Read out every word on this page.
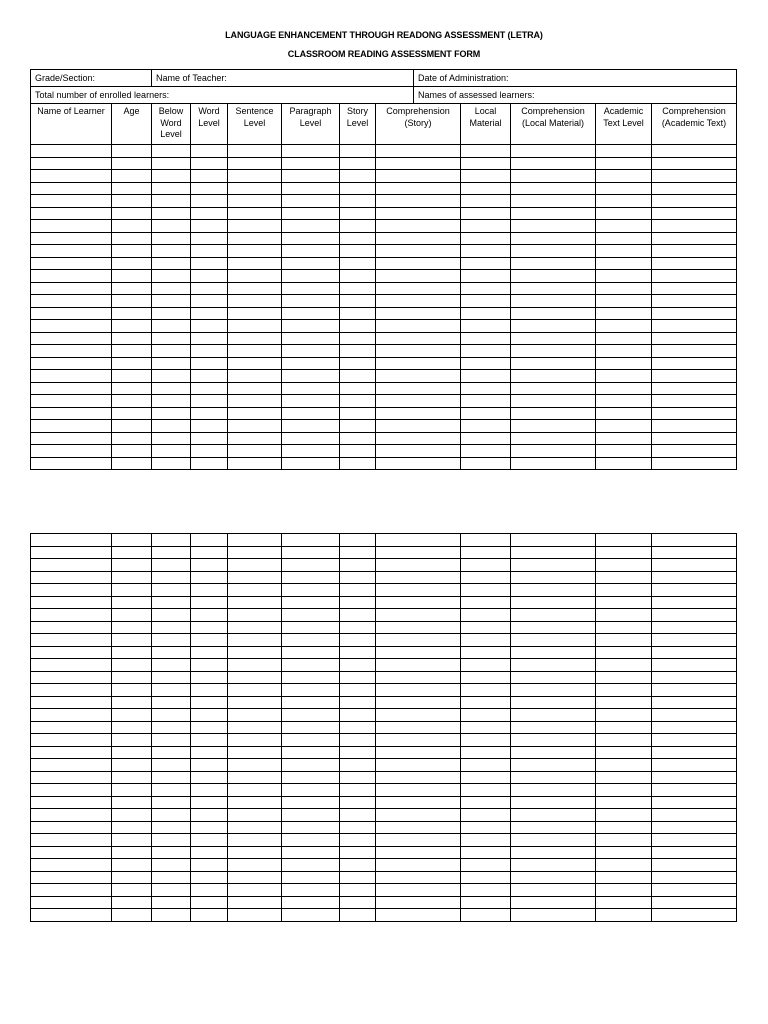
LANGUAGE ENHANCEMENT THROUGH READONG ASSESSMENT (LETRA)
CLASSROOM READING ASSESSMENT FORM
Grade/Section:	Name of Teacher:	Date of Administration:
Total number of enrolled learners:		Names of assessed learners:
Name of Learner	Age	Below Word Level	Word Level	Sentence Level	Paragraph Level	Story Level	Comprehension (Story)	Local Material	Comprehension (Local Material)	Academic Text Level	Comprehension (Academic Text)
